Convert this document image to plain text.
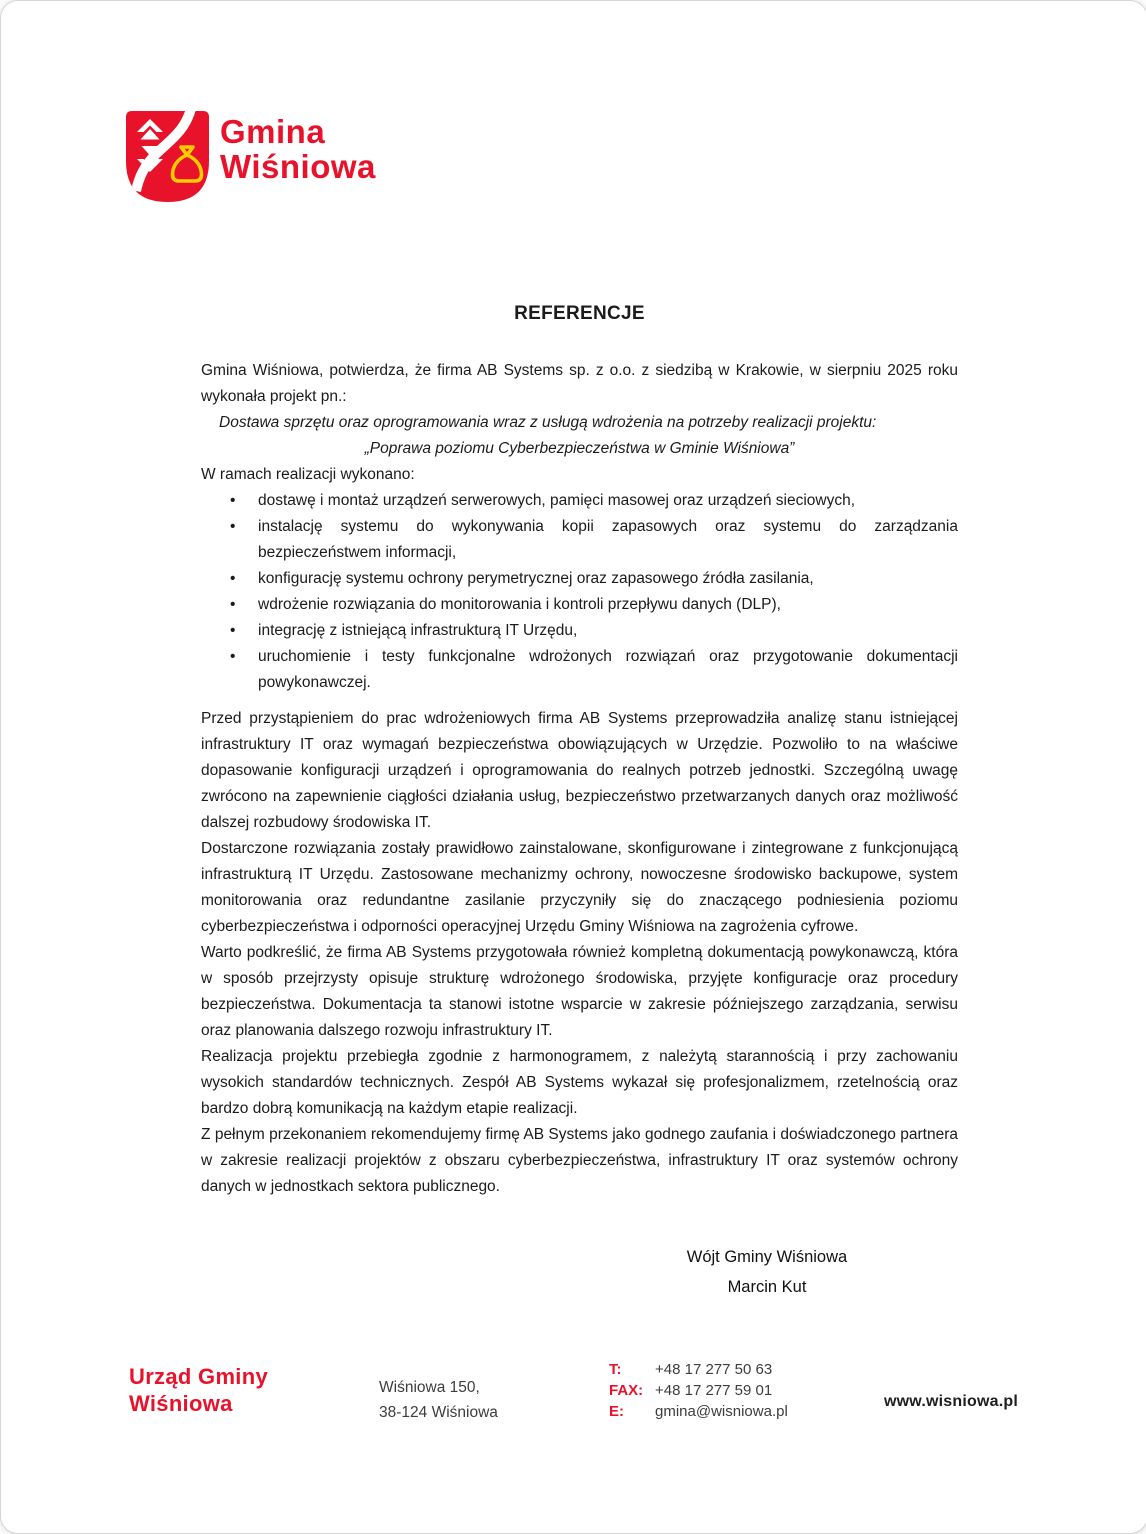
Gmina
Wiśniowa
REFERENCJE

Gmina Wiśniowa, potwierdza, że firma AB Systems sp. z o.o. z siedzibą w Krakowie, w sierpniu 2025 roku wykonała projekt pn.:

Dostawa sprzętu oraz oprogramowania wraz z usługą wdrożenia na potrzeby realizacji projektu:

„Poprawa poziomu Cyberbezpieczeństwa w Gminie Wiśniowa”

W ramach realizacji wykonano:

• dostawę i montaż urządzeń serwerowych, pamięci masowej oraz urządzeń sieciowych,
• instalację systemu do wykonywania kopii zapasowych oraz systemu do zarządzania bezpieczeństwem informacji,
• konfigurację systemu ochrony perymetrycznej oraz zapasowego źródła zasilania,
• wdrożenie rozwiązania do monitorowania i kontroli przepływu danych (DLP),
• integrację z istniejącą infrastrukturą IT Urzędu,
• uruchomienie i testy funkcjonalne wdrożonych rozwiązań oraz przygotowanie dokumentacji powykonawczej.

Przed przystąpieniem do prac wdrożeniowych firma AB Systems przeprowadziła analizę stanu istniejącej infrastruktury IT oraz wymagań bezpieczeństwa obowiązujących w Urzędzie. Pozwoliło to na właściwe dopasowanie konfiguracji urządzeń i oprogramowania do realnych potrzeb jednostki. Szczególną uwagę zwrócono na zapewnienie ciągłości działania usług, bezpieczeństwo przetwarzanych danych oraz możliwość dalszej rozbudowy środowiska IT.

Dostarczone rozwiązania zostały prawidłowo zainstalowane, skonfigurowane i zintegrowane z funkcjonującą infrastrukturą IT Urzędu. Zastosowane mechanizmy ochrony, nowoczesne środowisko backupowe, system monitorowania oraz redundantne zasilanie przyczyniły się do znaczącego podniesienia poziomu cyberbezpieczeństwa i odporności operacyjnej Urzędu Gminy Wiśniowa na zagrożenia cyfrowe.

Warto podkreślić, że firma AB Systems przygotowała również kompletną dokumentacją powykonawczą, która w sposób przejrzysty opisuje strukturę wdrożonego środowiska, przyjęte konfiguracje oraz procedury bezpieczeństwa. Dokumentacja ta stanowi istotne wsparcie w zakresie późniejszego zarządzania, serwisu oraz planowania dalszego rozwoju infrastruktury IT.

Realizacja projektu przebiegła zgodnie z harmonogramem, z należytą starannością i przy zachowaniu wysokich standardów technicznych. Zespół AB Systems wykazał się profesjonalizmem, rzetelnością oraz bardzo dobrą komunikacją na każdym etapie realizacji.

Z pełnym przekonaniem rekomendujemy firmę AB Systems jako godnego zaufania i doświadczonego partnera w zakresie realizacji projektów z obszaru cyberbezpieczeństwa, infrastruktury IT oraz systemów ochrony danych w jednostkach sektora publicznego.

Wójt Gminy Wiśniowa
Marcin Kut
Urząd Gminy
Wiśniowa
Wiśniowa 150,
38-124 Wiśniowa
T:	+48 17 277 50 63
FAX: +48 17 277 59 01
E:	gmina@wisniowa.pl
www.wisniowa.pl
